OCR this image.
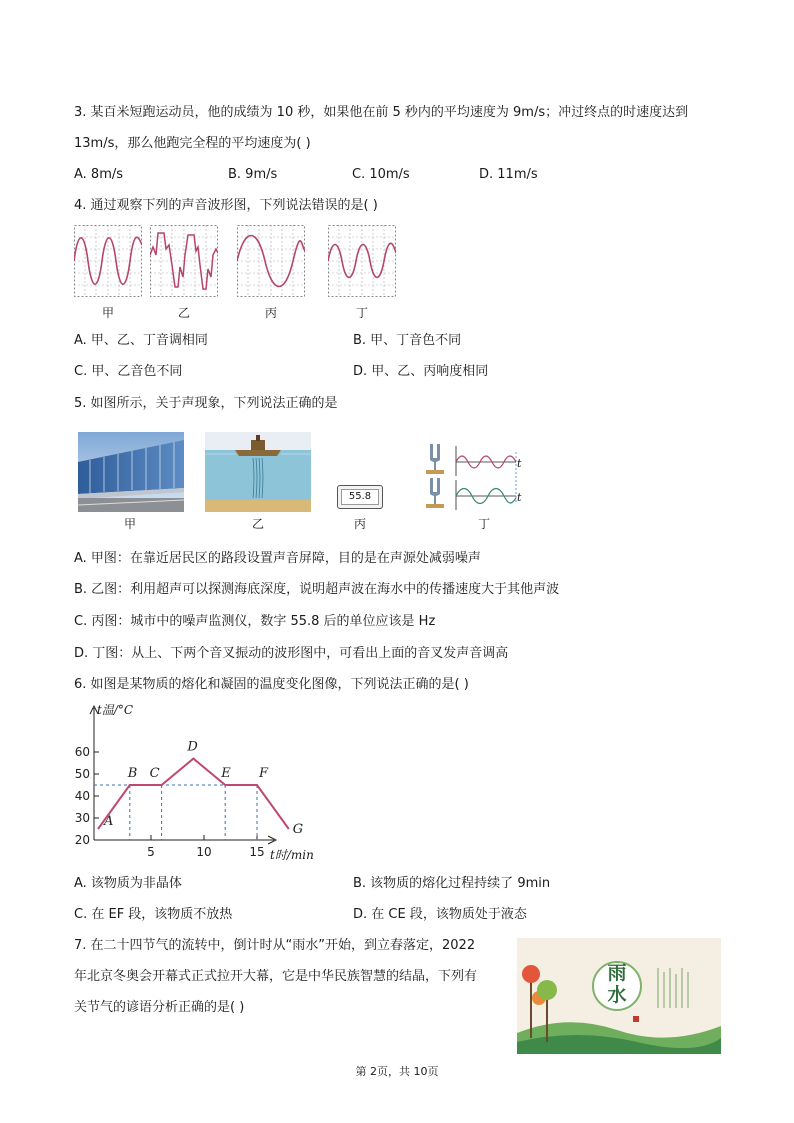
3. 某百米短跑运动员，他的成绩为 10 秒，如果他在前 5 秒内的平均速度为 9m/s；冲过终点的时速度达到
13m/s，那么他跑完全程的平均速度为( )
A. 8m/s	B. 9m/s	C. 10m/s	D. 11m/s
4. 通过观察下列的声音波形图，下列说法错误的是( )
甲	乙	丙	丁
A. 甲、乙、丁音调相同	B. 甲、丁音色不同
C. 甲、乙音色不同	D. 甲、乙、丙响度相同
5. 如图所示，关于声现象，下列说法正确的是
55.8
t
t
甲	乙	丙	丁
A. 甲图：在靠近居民区的路段设置声音屏障，目的是在声源处减弱噪声
B. 乙图：利用超声可以探测海底深度，说明超声波在海水中的传播速度大于其他声波
C. 丙图：城市中的噪声监测仪，数字 55.8 后的单位应该是 Hz
D. 丁图：从上、下两个音叉振动的波形图中，可看出上面的音叉发声音调高
6. 如图是某物质的熔化和凝固的温度变化图像，下列说法正确的是( )
60
50
40
30
20
5	10	15
A
B C
D
E F
G
t温/°C
t时/min
A. 该物质为非晶体	B. 该物质的熔化过程持续了 9min
C. 在 EF 段，该物质不放热	D. 在 CE 段，该物质处于液态
7. 在二十四节气的流转中，倒计时从“雨水”开始，到立春落定，2022
年北京冬奥会开幕式正式拉开大幕，它是中华民族智慧的结晶，下列有
关节气的谚语分析正确的是( )
雨水
第 2页，共 10页
